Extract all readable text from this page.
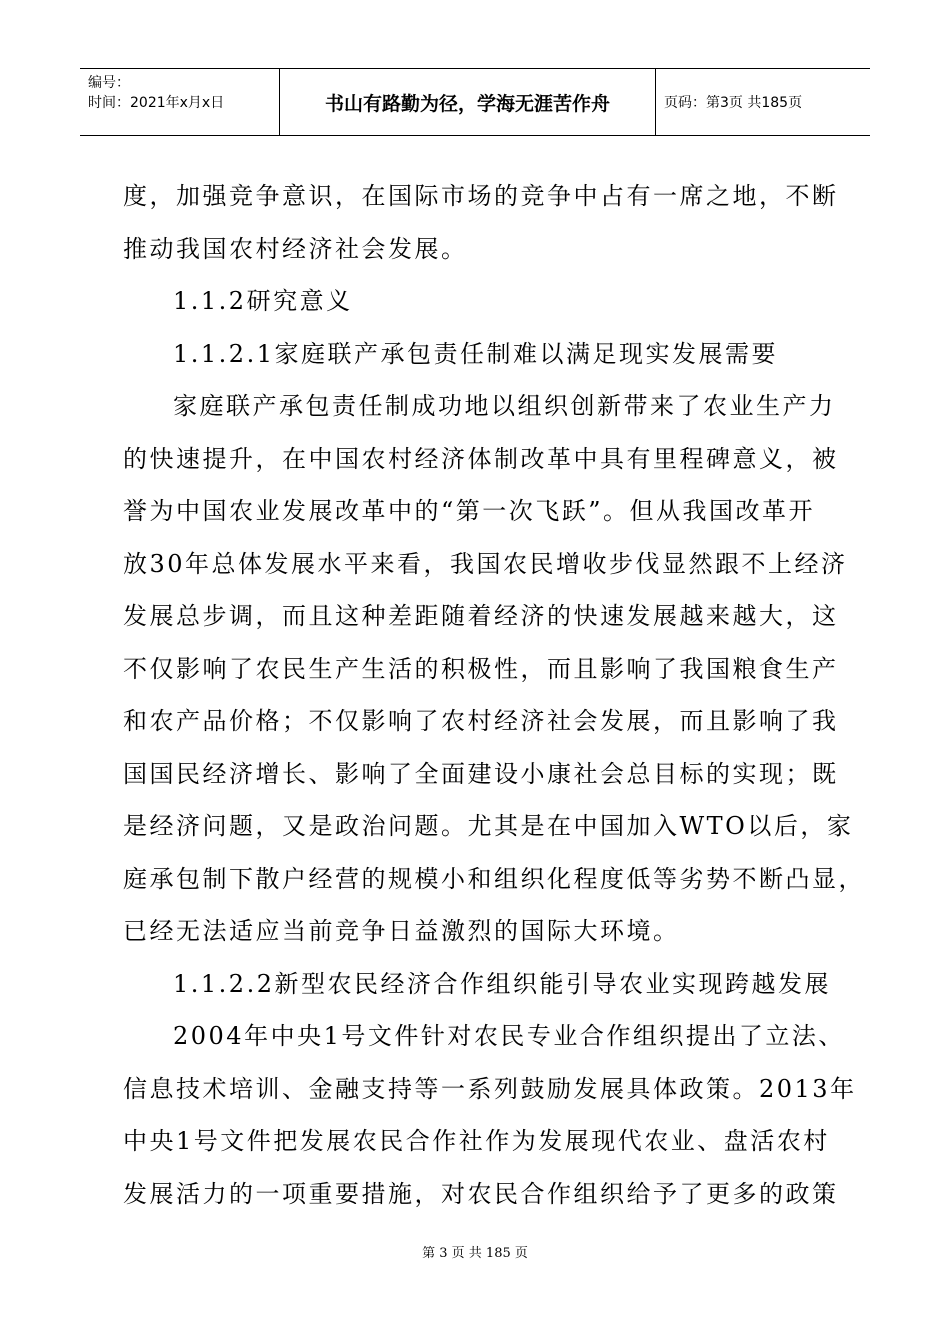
编号：
时间：2021年x月x日	书山有路勤为径，学海无涯苦作舟	页码：第3页 共185页
度，加强竞争意识，在国际市场的竞争中占有一席之地，不断
推动我国农村经济社会发展。
1.1.2研究意义
1.1.2.1家庭联产承包责任制难以满足现实发展需要
家庭联产承包责任制成功地以组织创新带来了农业生产力
的快速提升，在中国农村经济体制改革中具有里程碑意义，被
誉为中国农业发展改革中的“第一次飞跃”。但从我国改革开
放30年总体发展水平来看，我国农民增收步伐显然跟不上经济
发展总步调，而且这种差距随着经济的快速发展越来越大，这
不仅影响了农民生产生活的积极性，而且影响了我国粮食生产
和农产品价格；不仅影响了农村经济社会发展，而且影响了我
国国民经济增长、影响了全面建设小康社会总目标的实现；既
是经济问题，又是政治问题。尤其是在中国加入WTO以后，家
庭承包制下散户经营的规模小和组织化程度低等劣势不断凸显，
已经无法适应当前竞争日益激烈的国际大环境。
1.1.2.2新型农民经济合作组织能引导农业实现跨越发展
2004年中央1号文件针对农民专业合作组织提出了立法、
信息技术培训、金融支持等一系列鼓励发展具体政策。2013年
中央1号文件把发展农民合作社作为发展现代农业、盘活农村
发展活力的一项重要措施，对农民合作组织给予了更多的政策
第 3 页 共 185 页
